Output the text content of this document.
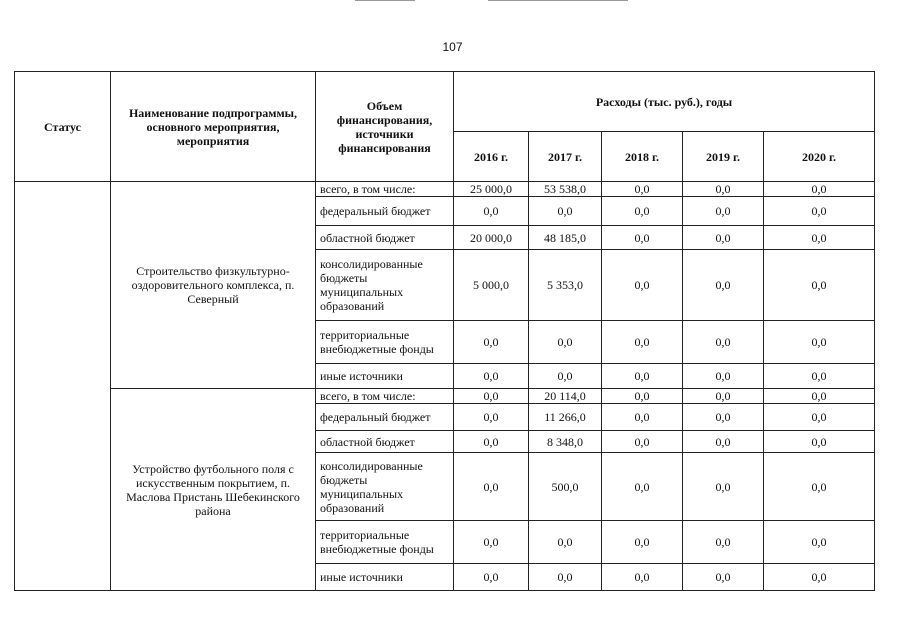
107
Статус	Наименование подпрограммы, основного мероприятия, мероприятия	Объем финансирования, источники финансирования	Расходы (тыс. руб.), годы				
			2016 г.	2017 г.	2018 г.	2019 г.	2020 г.
	Строительство физкультурно-оздоровительного комплекса, п. Северный	всего, в том числе:	25 000,0	53 538,0	0,0	0,0	0,0
		федеральный бюджет	0,0	0,0	0,0	0,0	0,0
		областной бюджет	20 000,0	48 185,0	0,0	0,0	0,0
		консолидированные бюджеты муниципальных образований	5 000,0	5 353,0	0,0	0,0	0,0
		территориальные внебюджетные фонды	0,0	0,0	0,0	0,0	0,0
		иные источники	0,0	0,0	0,0	0,0	0,0
	Устройство футбольного поля с искусственным покрытием, п. Маслова Пристань Шебекинского района	всего, в том числе:	0,0	20 114,0	0,0	0,0	0,0
		федеральный бюджет	0,0	11 266,0	0,0	0,0	0,0
		областной бюджет	0,0	8 348,0	0,0	0,0	0,0
		консолидированные бюджеты муниципальных образований	0,0	500,0	0,0	0,0	0,0
		территориальные внебюджетные фонды	0,0	0,0	0,0	0,0	0,0
		иные источники	0,0	0,0	0,0	0,0	0,0
